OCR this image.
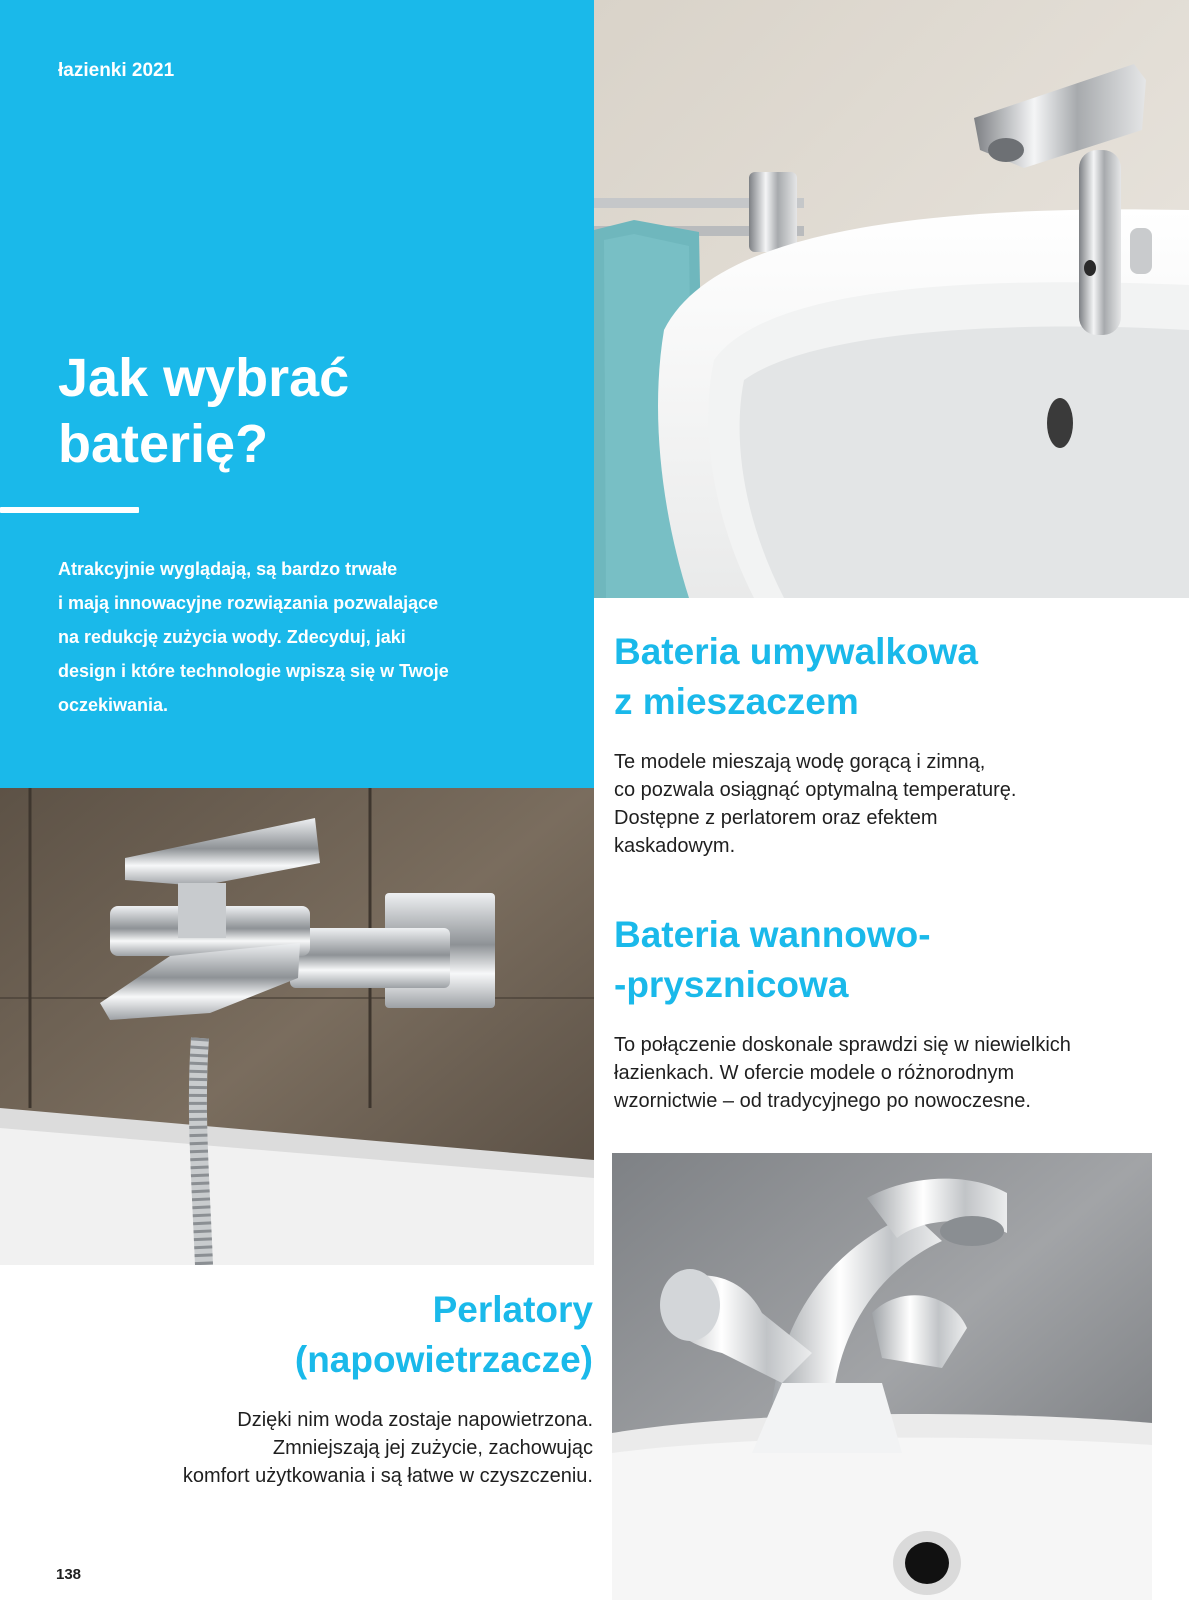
łazienki 2021
Jak wybrać
baterię?

Atrakcyjnie wyglądają, są bardzo trwałe
i mają innowacyjne rozwiązania pozwalające
na redukcję zużycia wody. Zdecyduj, jaki
design i które technologie wpiszą się w Twoje
oczekiwania.

Bateria umywalkowa
z mieszaczem

Te modele mieszają wodę gorącą i zimną,
co pozwala osiągnąć optymalną temperaturę.
Dostępne z perlatorem oraz efektem
kaskadowym.

Bateria wannowo-
-prysznicowa

To połączenie doskonale sprawdzi się w niewielkich
łazienkach. W ofercie modele o różnorodnym
wzornictwie – od tradycyjnego po nowoczesne.

Perlatory
(napowietrzacze)

Dzięki nim woda zostaje napowietrzona.
Zmniejszają jej zużycie, zachowując
komfort użytkowania i są łatwe w czyszczeniu.

138
